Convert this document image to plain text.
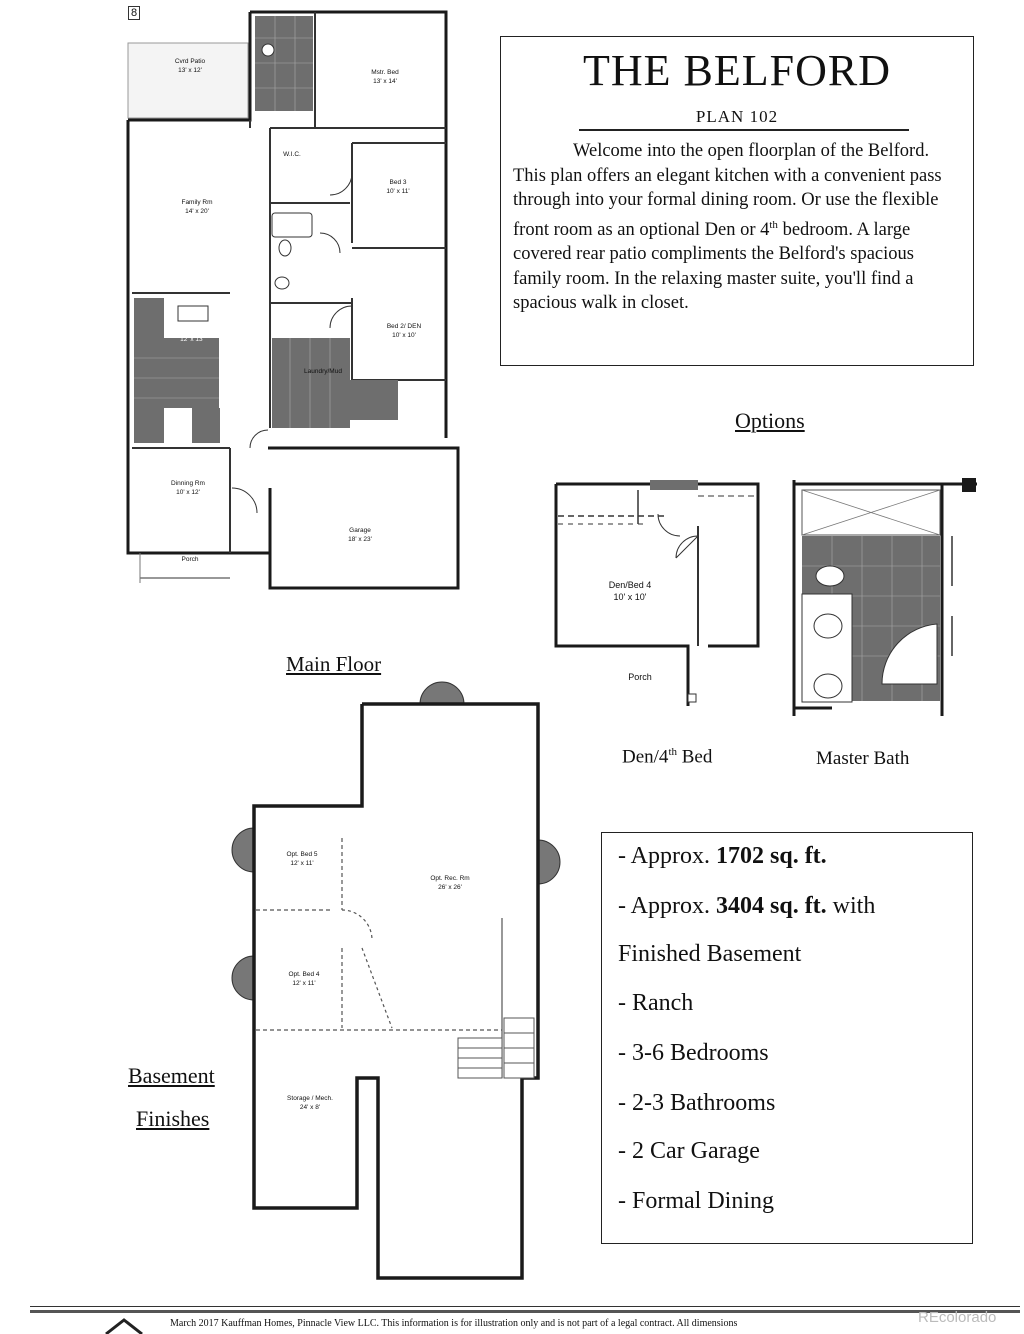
8
Cvrd Patio
13' x 12'	Mstr. Bed
13' x 14'
W.I.C.
Bed 3
10' x 11'
Family Rm
14' x 20'
Kitchen
12' x 13'
Bed 2/ DEN
10' x 10'
Laundry/Mud
Dinning Rm
10' x 12'
Garage
18' x 23'
Porch
Main Floor
THE BELFORD
PLAN 102
Welcome into the open floorplan of the Belford. This plan offers an elegant kitchen with a convenient pass through into your formal dining room. Or use the flexible front room as an optional Den or 4th bedroom. A large covered rear patio compliments the Belford's spacious family room. In the relaxing master suite, you'll find a spacious walk in closet.
Options
Den/Bed 4
10' x 10'
Porch
Den/4th Bed	Master Bath
Opt. Bed 5
12' x 11'
Opt. Rec. Rm
26' x 26'
Opt. Bed 4
12' x 11'
Storage / Mech.
24' x 8'
Basement
Finishes
- Approx. 1702 sq. ft.
- Approx. 3404 sq. ft. with
Finished Basement
- Ranch
- 3-6 Bedrooms
- 2-3 Bathrooms
- 2 Car Garage
- Formal Dining
March 2017 Kauffman Homes, Pinnacle View LLC. This information is for illustration only and is not part of a legal contract. All dimensions	REcolorado
